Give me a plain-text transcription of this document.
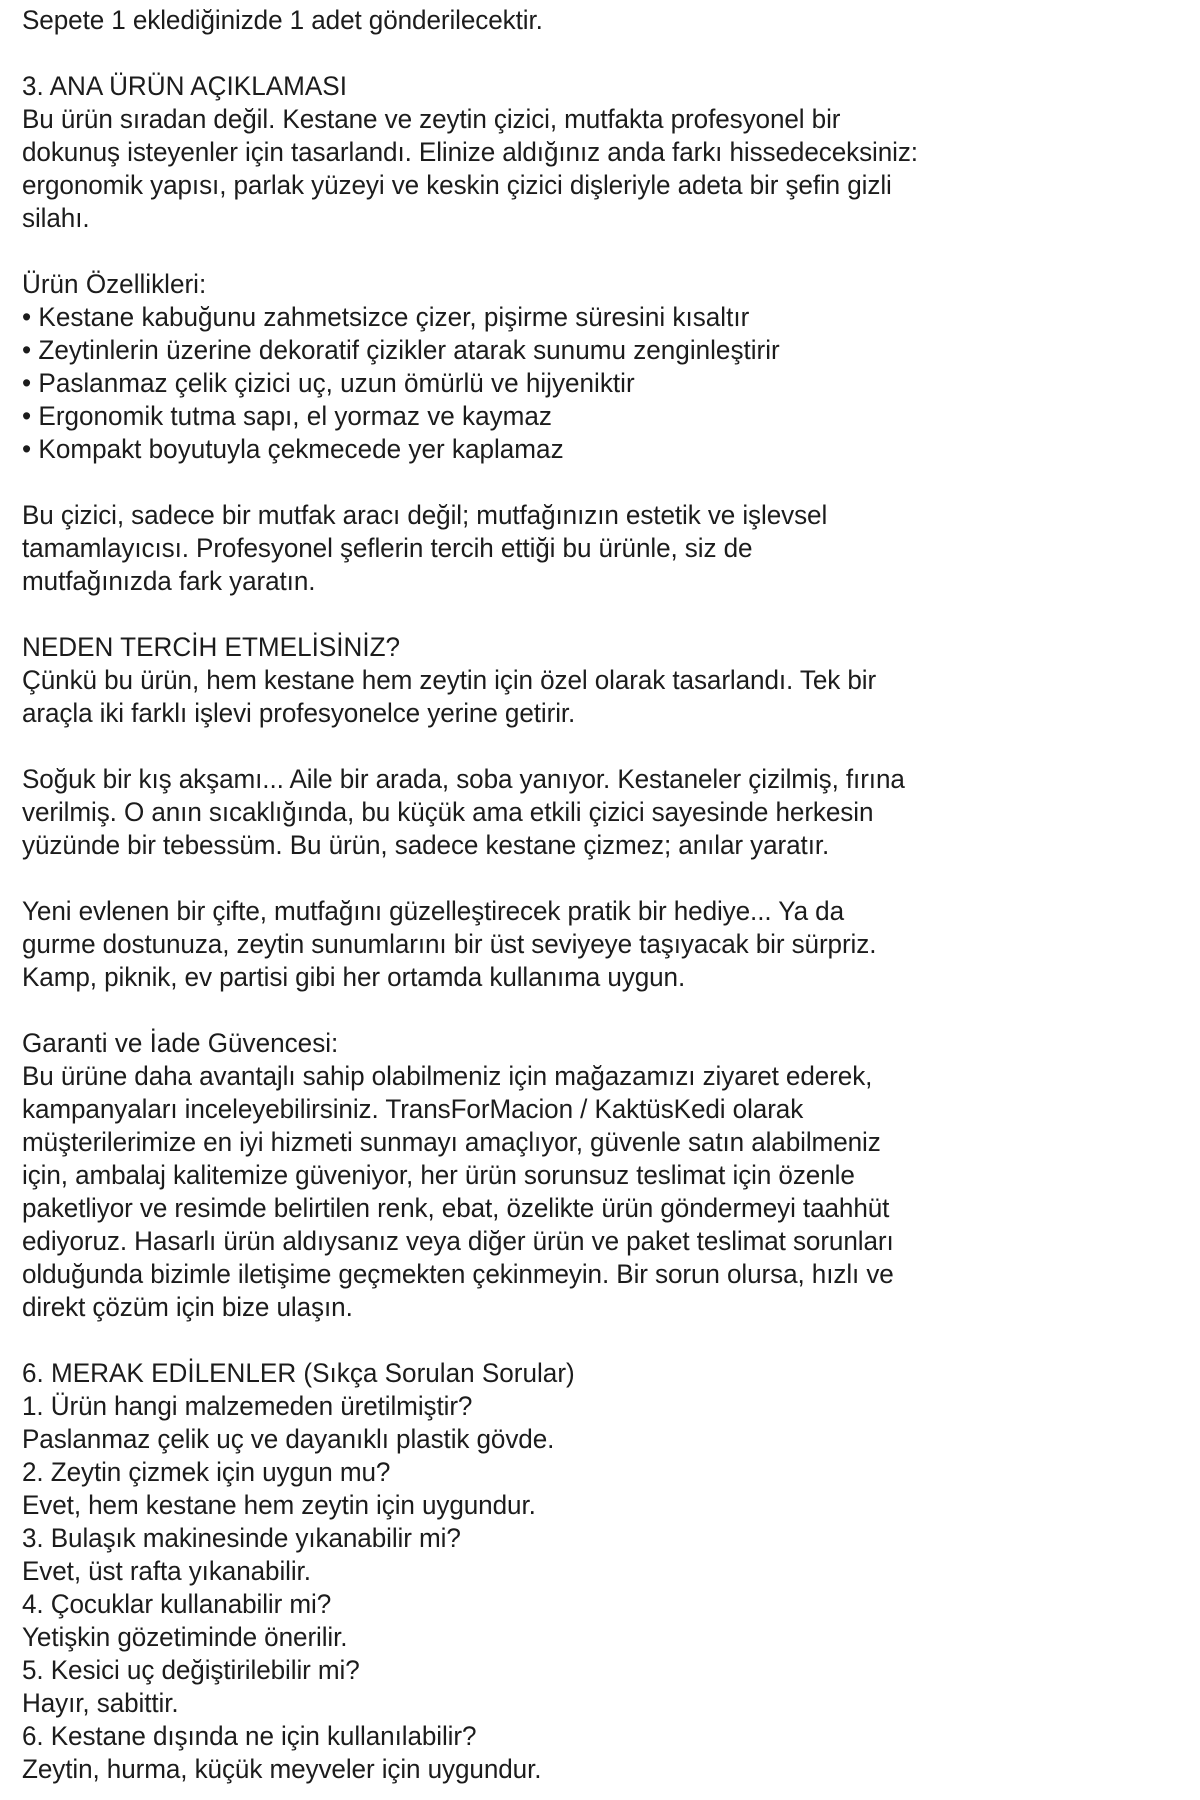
Sepete 1 eklediğinizde 1 adet gönderilecektir.
3. ANA ÜRÜN AÇIKLAMASI
Bu ürün sıradan değil. Kestane ve zeytin çizici, mutfakta profesyonel bir
dokunuş isteyenler için tasarlandı. Elinize aldığınız anda farkı hissedeceksiniz:
ergonomik yapısı, parlak yüzeyi ve keskin çizici dişleriyle adeta bir şefin gizli
silahı.
Ürün Özellikleri:
• Kestane kabuğunu zahmetsizce çizer, pişirme süresini kısaltır
• Zeytinlerin üzerine dekoratif çizikler atarak sunumu zenginleştirir
• Paslanmaz çelik çizici uç, uzun ömürlü ve hijyeniktir
• Ergonomik tutma sapı, el yormaz ve kaymaz
• Kompakt boyutuyla çekmecede yer kaplamaz
Bu çizici, sadece bir mutfak aracı değil; mutfağınızın estetik ve işlevsel
tamamlayıcısı. Profesyonel şeflerin tercih ettiği bu ürünle, siz de
mutfağınızda fark yaratın.
NEDEN TERCİH ETMELİSİNİZ?
Çünkü bu ürün, hem kestane hem zeytin için özel olarak tasarlandı. Tek bir
araçla iki farklı işlevi profesyonelce yerine getirir.
Soğuk bir kış akşamı... Aile bir arada, soba yanıyor. Kestaneler çizilmiş, fırına
verilmiş. O anın sıcaklığında, bu küçük ama etkili çizici sayesinde herkesin
yüzünde bir tebessüm. Bu ürün, sadece kestane çizmez; anılar yaratır.
Yeni evlenen bir çifte, mutfağını güzelleştirecek pratik bir hediye... Ya da
gurme dostunuza, zeytin sunumlarını bir üst seviyeye taşıyacak bir sürpriz.
Kamp, piknik, ev partisi gibi her ortamda kullanıma uygun.
Garanti ve İade Güvencesi:
Bu ürüne daha avantajlı sahip olabilmeniz için mağazamızı ziyaret ederek,
kampanyaları inceleyebilirsiniz. TransForMacion / KaktüsKedi olarak
müşterilerimize en iyi hizmeti sunmayı amaçlıyor, güvenle satın alabilmeniz
için, ambalaj kalitemize güveniyor, her ürün sorunsuz teslimat için özenle
paketliyor ve resimde belirtilen renk, ebat, özelikte ürün göndermeyi taahhüt
ediyoruz. Hasarlı ürün aldıysanız veya diğer ürün ve paket teslimat sorunları
olduğunda bizimle iletişime geçmekten çekinmeyin. Bir sorun olursa, hızlı ve
direkt çözüm için bize ulaşın.
6. MERAK EDİLENLER (Sıkça Sorulan Sorular)
1. Ürün hangi malzemeden üretilmiştir?
Paslanmaz çelik uç ve dayanıklı plastik gövde.
2. Zeytin çizmek için uygun mu?
Evet, hem kestane hem zeytin için uygundur.
3. Bulaşık makinesinde yıkanabilir mi?
Evet, üst rafta yıkanabilir.
4. Çocuklar kullanabilir mi?
Yetişkin gözetiminde önerilir.
5. Kesici uç değiştirilebilir mi?
Hayır, sabittir.
6. Kestane dışında ne için kullanılabilir?
Zeytin, hurma, küçük meyveler için uygundur.
